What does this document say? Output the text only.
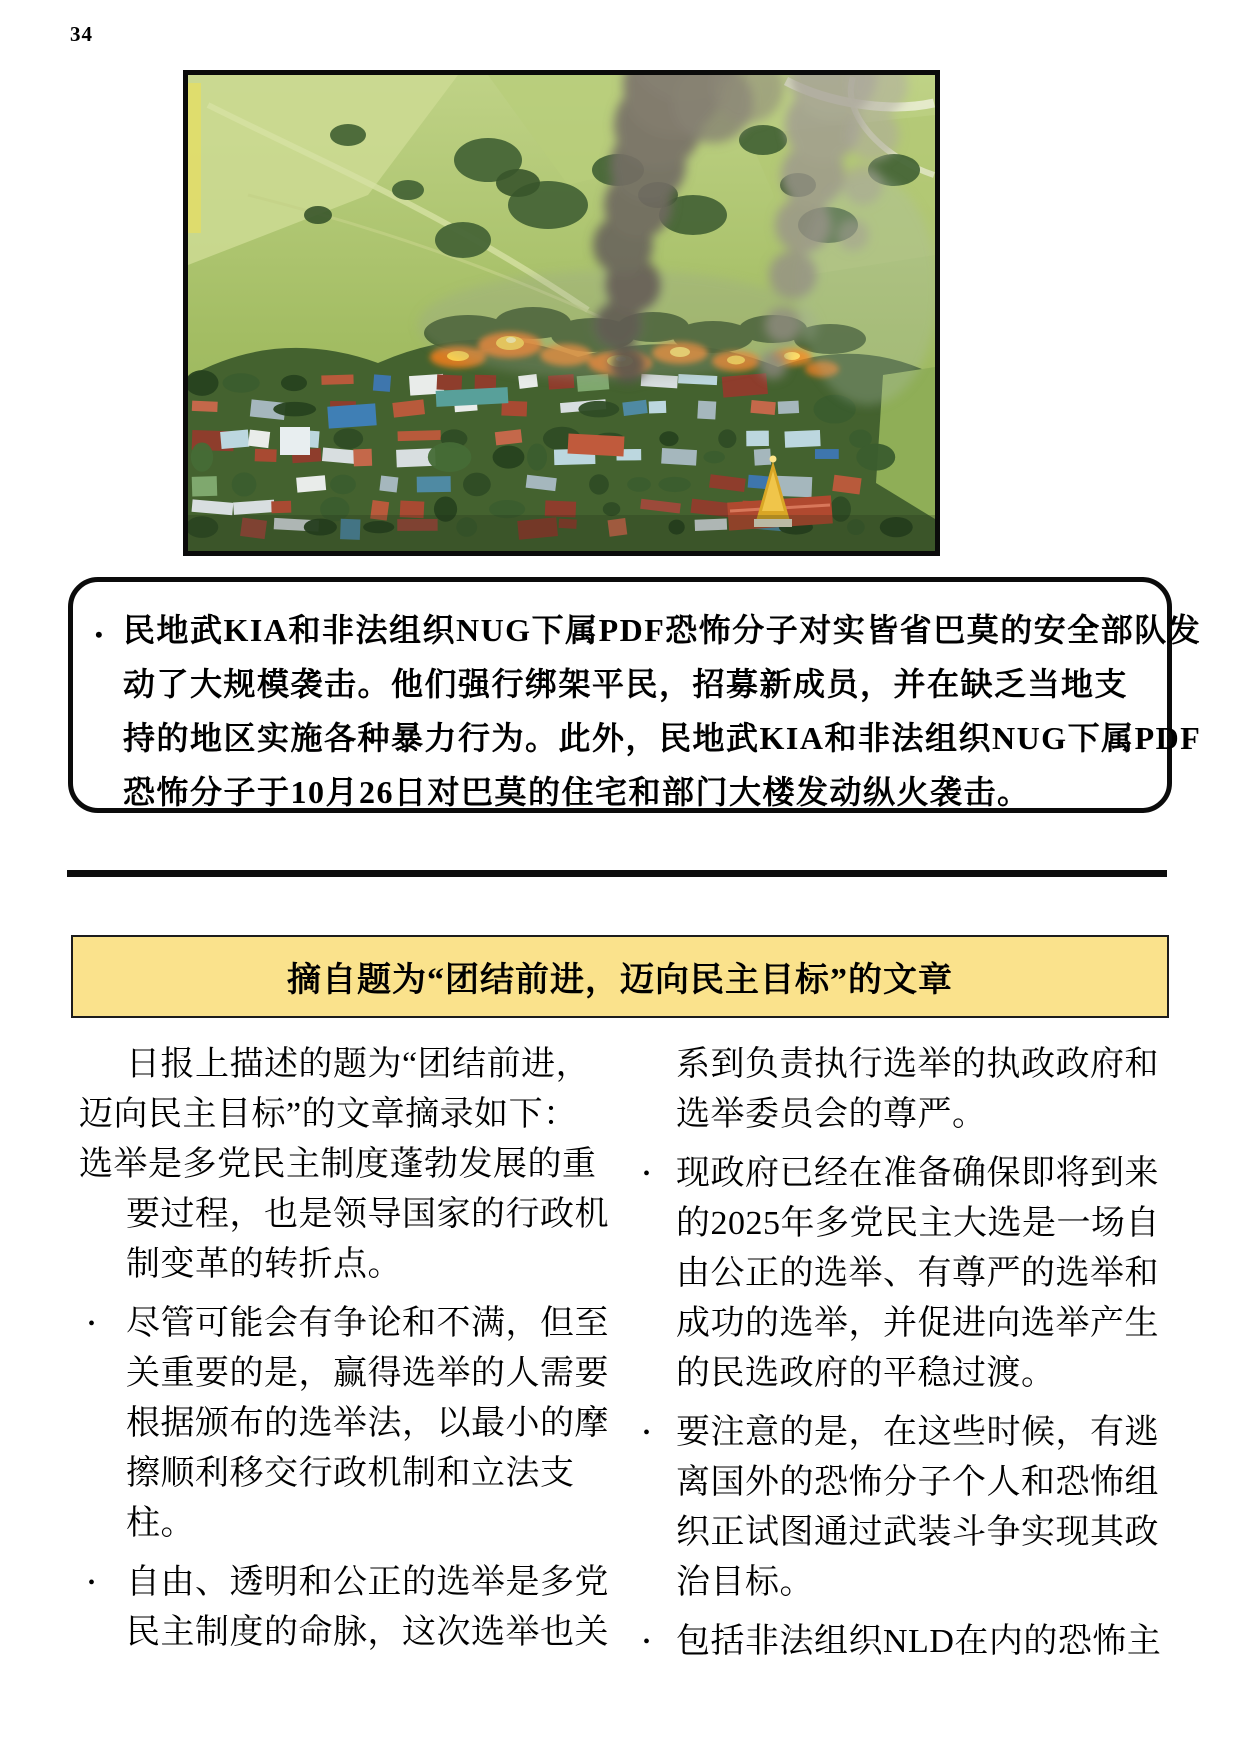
34
• 民地武KIA和非法组织NUG下属PDF恐怖分子对实皆省巴莫的安全部队发
动了大规模袭击。他们强行绑架平民，招募新成员，并在缺乏当地支
持的地区实施各种暴力行为。此外，民地武KIA和非法组织NUG下属PDF
恐怖分子于10月26日对巴莫的住宅和部门大楼发动纵火袭击。
摘自题为“团结前进，迈向民主目标”的文章
日报上描述的题为“团结前进，
迈向民主目标”的文章摘录如下：
选举是多党民主制度蓬勃发展的重
要过程，也是领导国家的行政机
制变革的转折点。
• 尽管可能会有争论和不满，但至
关重要的是，赢得选举的人需要
根据颁布的选举法，以最小的摩
擦顺利移交行政机制和立法支
柱。
• 自由、透明和公正的选举是多党
民主制度的命脉，这次选举也关
系到负责执行选举的执政政府和
选举委员会的尊严。
• 现政府已经在准备确保即将到来
的2025年多党民主大选是一场自
由公正的选举、有尊严的选举和
成功的选举，并促进向选举产生
的民选政府的平稳过渡。
• 要注意的是，在这些时候，有逃
离国外的恐怖分子个人和恐怖组
织正试图通过武装斗争实现其政
治目标。
• 包括非法组织NLD在内的恐怖主
